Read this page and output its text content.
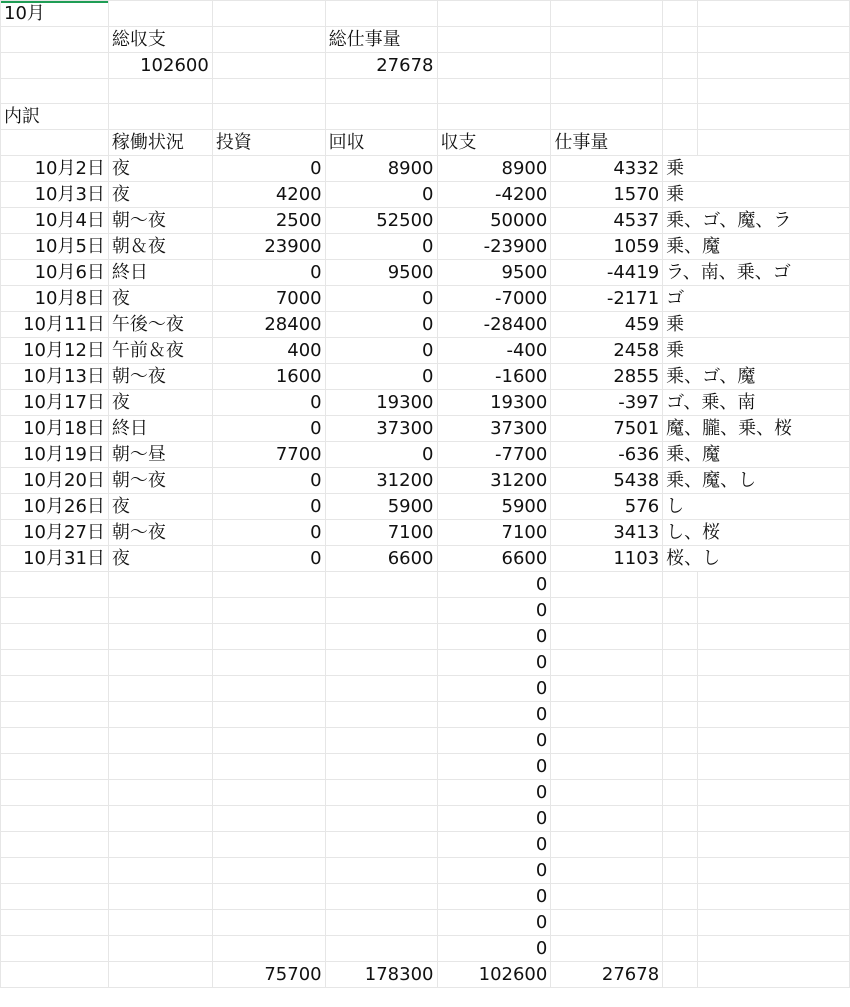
10月							
	総収支		総仕事量				
	102600		27678				

内訳							
	稼働状況	投資	回収	収支	仕事量		
10月2日	夜	0	8900	8900	4332	乗	
10月3日	夜	4200	0	-4200	1570	乗	
10月4日	朝〜夜	2500	52500	50000	4537	乗、ゴ、魔、ラ	
10月5日	朝＆夜	23900	0	-23900	1059	乗、魔	
10月6日	終日	0	9500	9500	-4419	ラ、南、乗、ゴ	
10月8日	夜	7000	0	-7000	-2171	ゴ	
10月11日	午後〜夜	28400	0	-28400	459	乗	
10月12日	午前＆夜	400	0	-400	2458	乗	
10月13日	朝〜夜	1600	0	-1600	2855	乗、ゴ、魔	
10月17日	夜	0	19300	19300	-397	ゴ、乗、南	
10月18日	終日	0	37300	37300	7501	魔、朧、乗、桜	
10月19日	朝〜昼	7700	0	-7700	-636	乗、魔	
10月20日	朝〜夜	0	31200	31200	5438	乗、魔、し	
10月26日	夜	0	5900	5900	576	し	
10月27日	朝〜夜	0	7100	7100	3413	し、桜	
10月31日	夜	0	6600	6600	1103	桜、し	
				0			
				0			
				0			
				0			
				0			
				0			
				0			
				0			
				0			
				0			
				0			
				0			
				0			
				0			
				0			
		75700	178300	102600	27678		
